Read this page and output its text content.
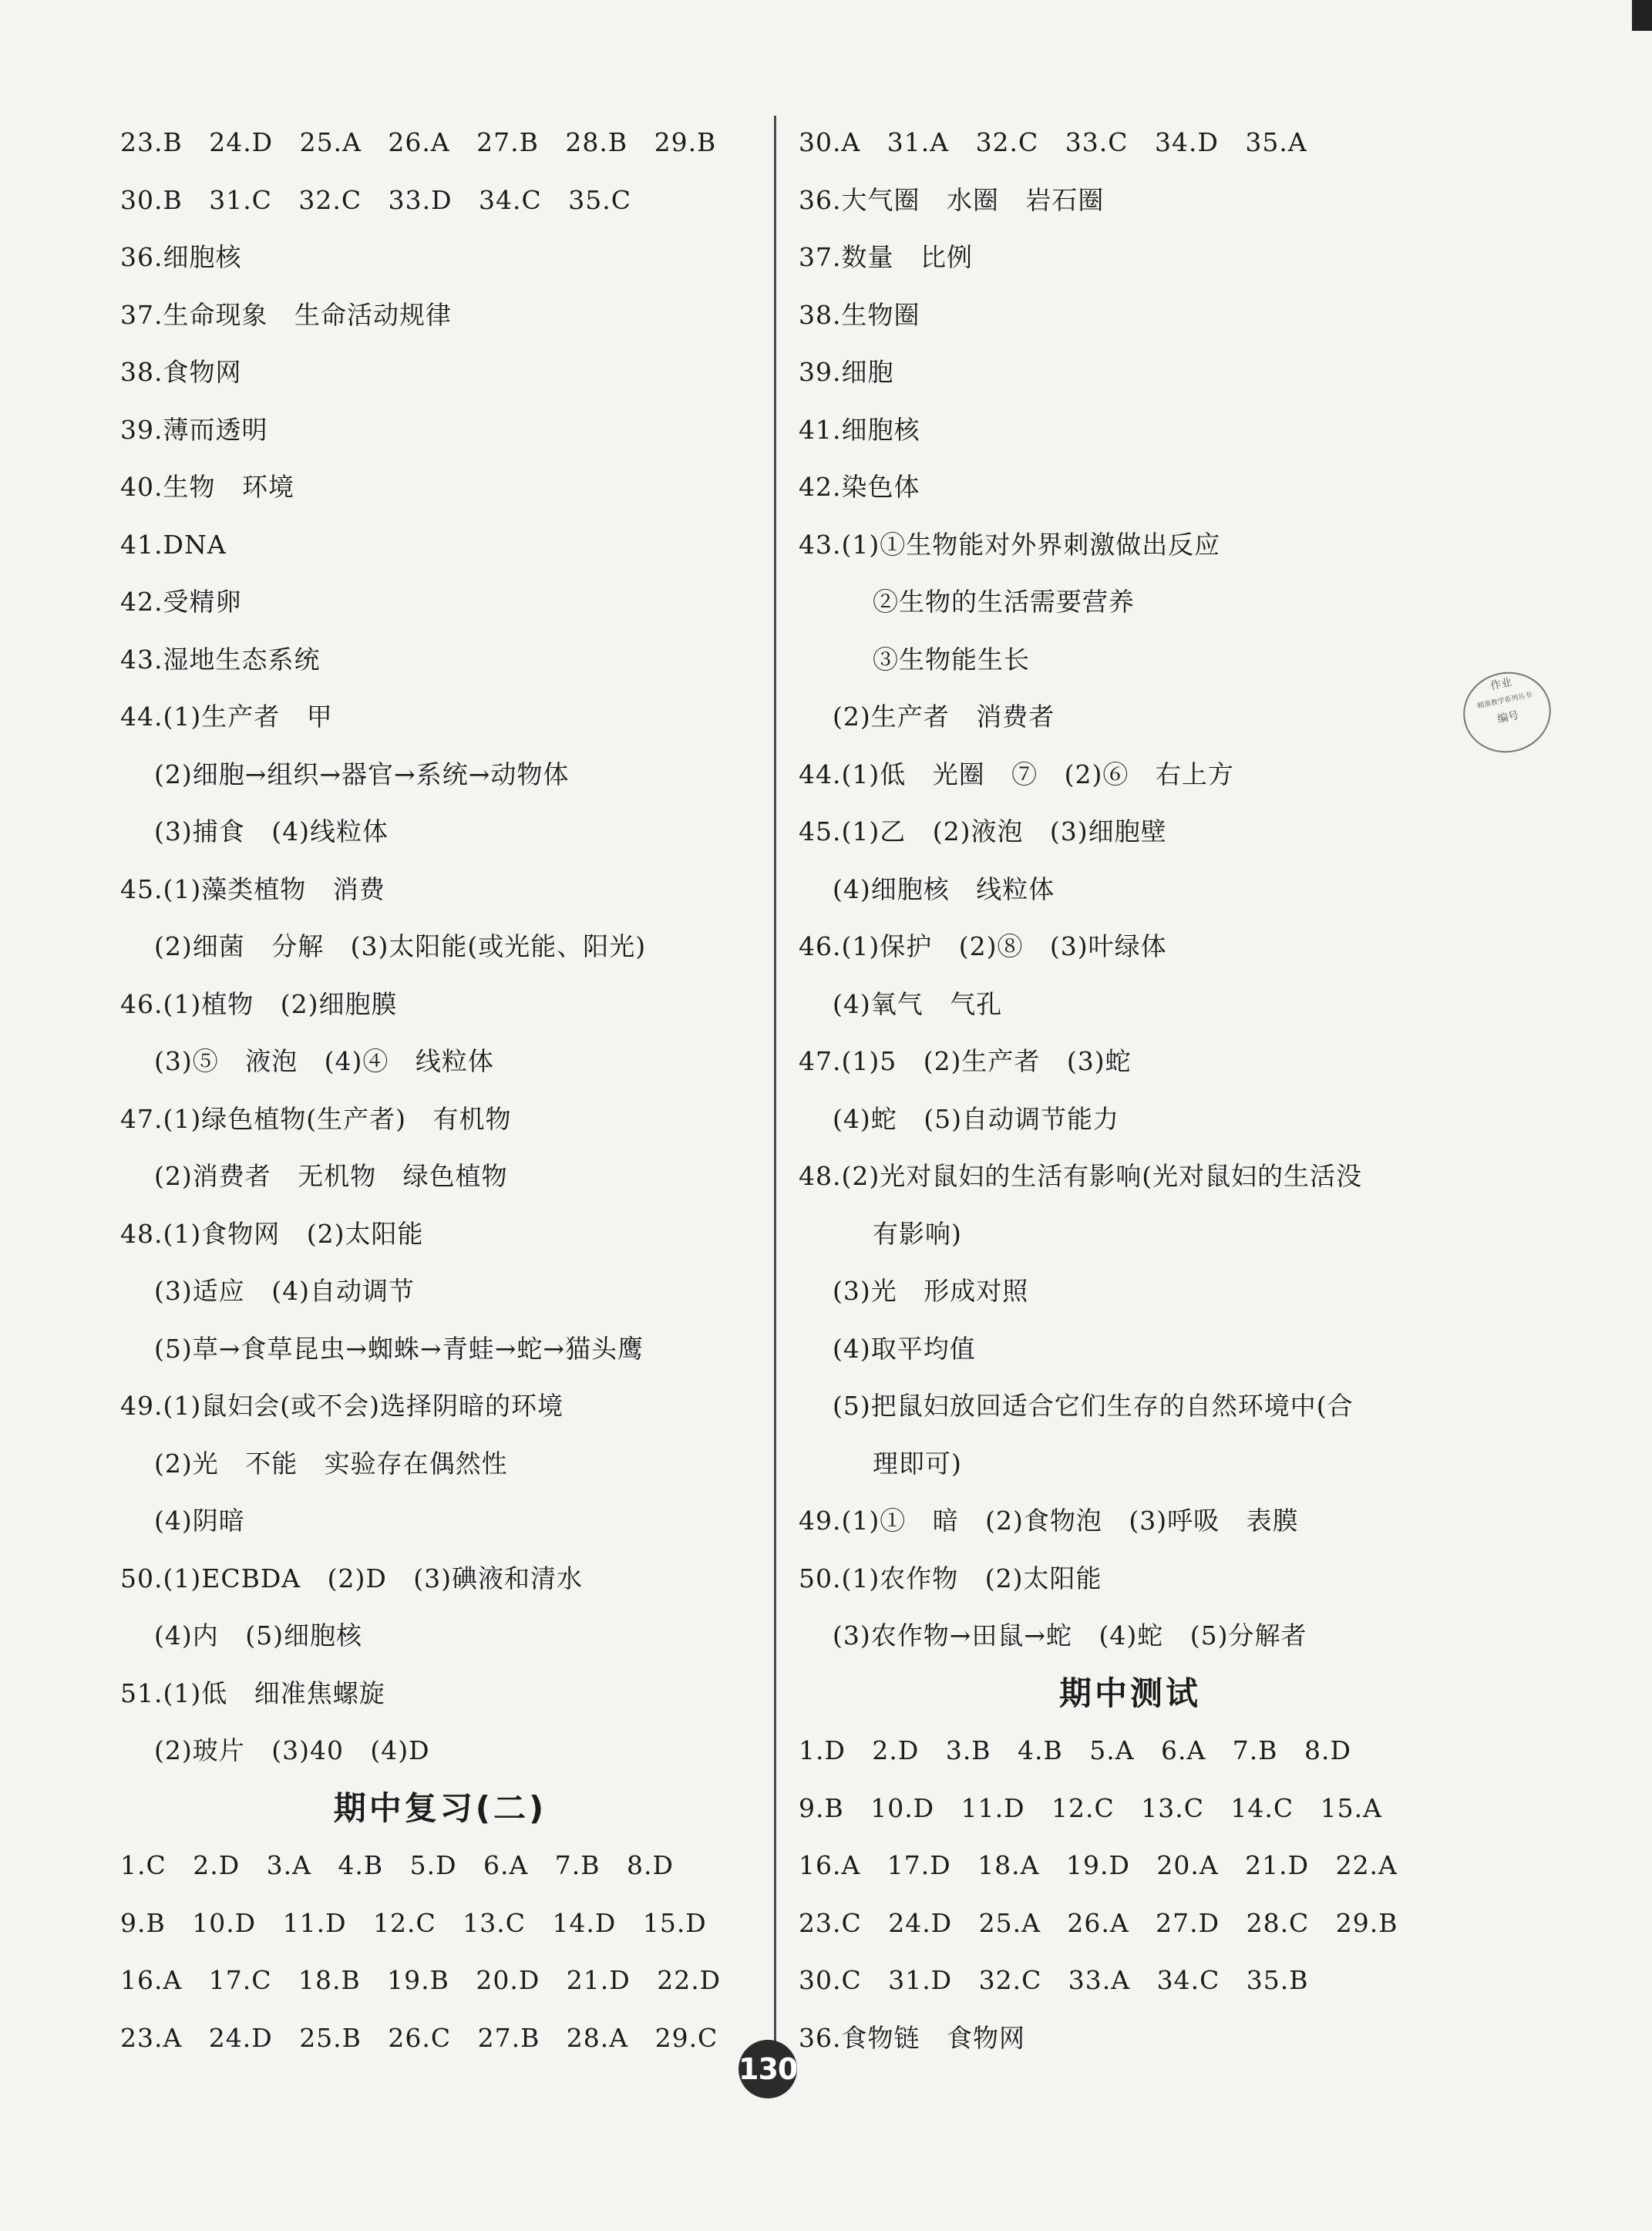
23.B   24.D   25.A   26.A   27.B   28.B   29.B
30.B   31.C   32.C   33.D   34.C   35.C
36.细胞核
37.生命现象   生命活动规律
38.食物网
39.薄而透明
40.生物   环境
41.DNA
42.受精卵
43.湿地生态系统
44.(1)生产者   甲
(2)细胞→组织→器官→系统→动物体
(3)捕食   (4)线粒体
45.(1)藻类植物   消费
(2)细菌   分解   (3)太阳能(或光能、阳光)
46.(1)植物   (2)细胞膜
(3)⑤   液泡   (4)④   线粒体
47.(1)绿色植物(生产者)   有机物
(2)消费者   无机物   绿色植物
48.(1)食物网   (2)太阳能
(3)适应   (4)自动调节
(5)草→食草昆虫→蜘蛛→青蛙→蛇→猫头鹰
49.(1)鼠妇会(或不会)选择阴暗的环境
(2)光   不能   实验存在偶然性
(4)阴暗
50.(1)ECBDA   (2)D   (3)碘液和清水
(4)内   (5)细胞核
51.(1)低   细准焦螺旋
(2)玻片   (3)40   (4)D
期中复习(二)
1.C   2.D   3.A   4.B   5.D   6.A   7.B   8.D
9.B   10.D   11.D   12.C   13.C   14.D   15.D
16.A   17.C   18.B   19.B   20.D   21.D   22.D
23.A   24.D   25.B   26.C   27.B   28.A   29.C
30.A   31.A   32.C   33.C   34.D   35.A
36.大气圈   水圈   岩石圈
37.数量   比例
38.生物圈
39.细胞
41.细胞核
42.染色体
43.(1)①生物能对外界刺激做出反应
②生物的生活需要营养
③生物能生长
(2)生产者   消费者
44.(1)低   光圈   ⑦   (2)⑥   右上方
45.(1)乙   (2)液泡   (3)细胞壁
(4)细胞核   线粒体
46.(1)保护   (2)⑧   (3)叶绿体
(4)氧气   气孔
47.(1)5   (2)生产者   (3)蛇
(4)蛇   (5)自动调节能力
48.(2)光对鼠妇的生活有影响(光对鼠妇的生活没
有影响)
(3)光   形成对照
(4)取平均值
(5)把鼠妇放回适合它们生存的自然环境中(合
理即可)
49.(1)①   暗   (2)食物泡   (3)呼吸   表膜
50.(1)农作物   (2)太阳能
(3)农作物→田鼠→蛇   (4)蛇   (5)分解者
期中测试
1.D   2.D   3.B   4.B   5.A   6.A   7.B   8.D
9.B   10.D   11.D   12.C   13.C   14.C   15.A
16.A   17.D   18.A   19.D   20.A   21.D   22.A
23.C   24.D   25.A   26.A   27.D   28.C   29.B
30.C   31.D   32.C   33.A   34.C   35.B
36.食物链   食物网
作业
精准教学系列丛书
编号
130
